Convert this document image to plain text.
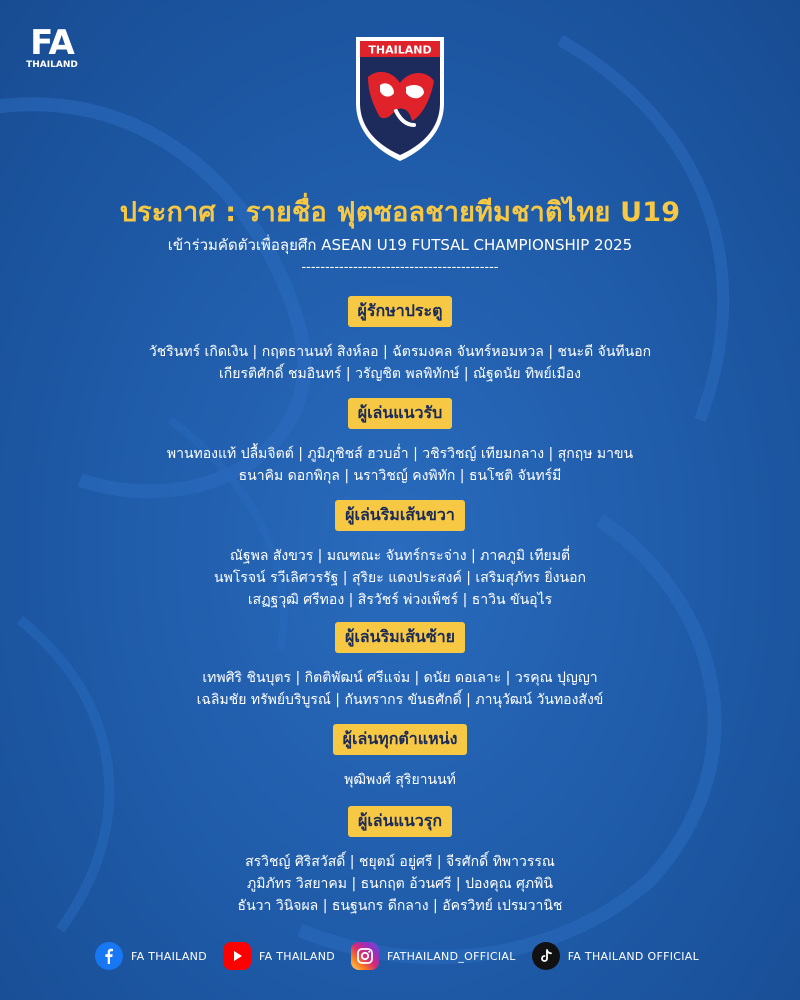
FA
THAILAND
THAILAND
ประกาศ : รายชื่อ ฟุตซอลชายทีมชาติไทย U19
เข้าร่วมคัดตัวเพื่อลุยศึก ASEAN U19 FUTSAL CHAMPIONSHIP 2025
------------------------------------------
ผู้รักษาประตู
วัชรินทร์ เกิดเงิน | กฤตธานนท์ สิงห์ลอ | ฉัตรมงคล จันทร์หอมหวล | ชนะดี จันทีนอก
เกียรติศักดิ์ ชมอินทร์ | วรัญชิต พลพิทักษ์ | ณัฐดนัย ทิพย์เมือง
ผู้เล่นแนวรับ
พานทองแท้ ปลื้มจิตต์ | ภูมิภูชิชส์ ฮวบอ่ำ | วชิรวิชญ์ เทียมกลาง | สุกฤษ มาขน
ธนาคิม ดอกพิกุล | นราวิชญ์ คงพิทัก | ธนโชติ จันทร์มี
ผู้เล่นริมเส้นขวา
ณัฐพล สังขวร | มณฑณะ จันทร์กระจ่าง | ภาคภูมิ เทียมตี่
นพโรจน์ รวีเลิศวรรัฐ | สุริยะ แดงประสงค์ | เสริมสุภัทร ยิ่งนอก
เสฏฐวุฒิ ศรีทอง | สิรวัชร์ พ่วงเพ็ชร์ | ธาวิน ขันอุไร
ผู้เล่นริมเส้นซ้าย
เทพศิริ ชินบุตร | กิตติพัฒน์ ศรีแจ่ม | ดนัย ดอเลาะ | วรคุณ ปุญญา
เฉลิมชัย ทรัพย์บริบูรณ์ | กันทรากร ขันธศักดิ์ | ภานุวัฒน์ วันทองสังข์
ผู้เล่นทุกตำแหน่ง
พุฒิพงศ์ สุริยานนท์
ผู้เล่นแนวรุก
สรวิชญ์ ศิริสวัสดิ์ | ชยุตม์ อยู่ศรี | จีรศักดิ์ ทิพาวรรณ
ภูมิภัทร วิสยาคม | ธนกฤต อ้วนศรี | ปองคุณ ศุภพินิ
ธันวา วินิจผล | ธนฐนกร ดีกลาง | อัครวิทย์ เปรมวานิช
FA THAILAND	FA THAILAND	FATHAILAND_OFFICIAL	FA THAILAND OFFICIAL
